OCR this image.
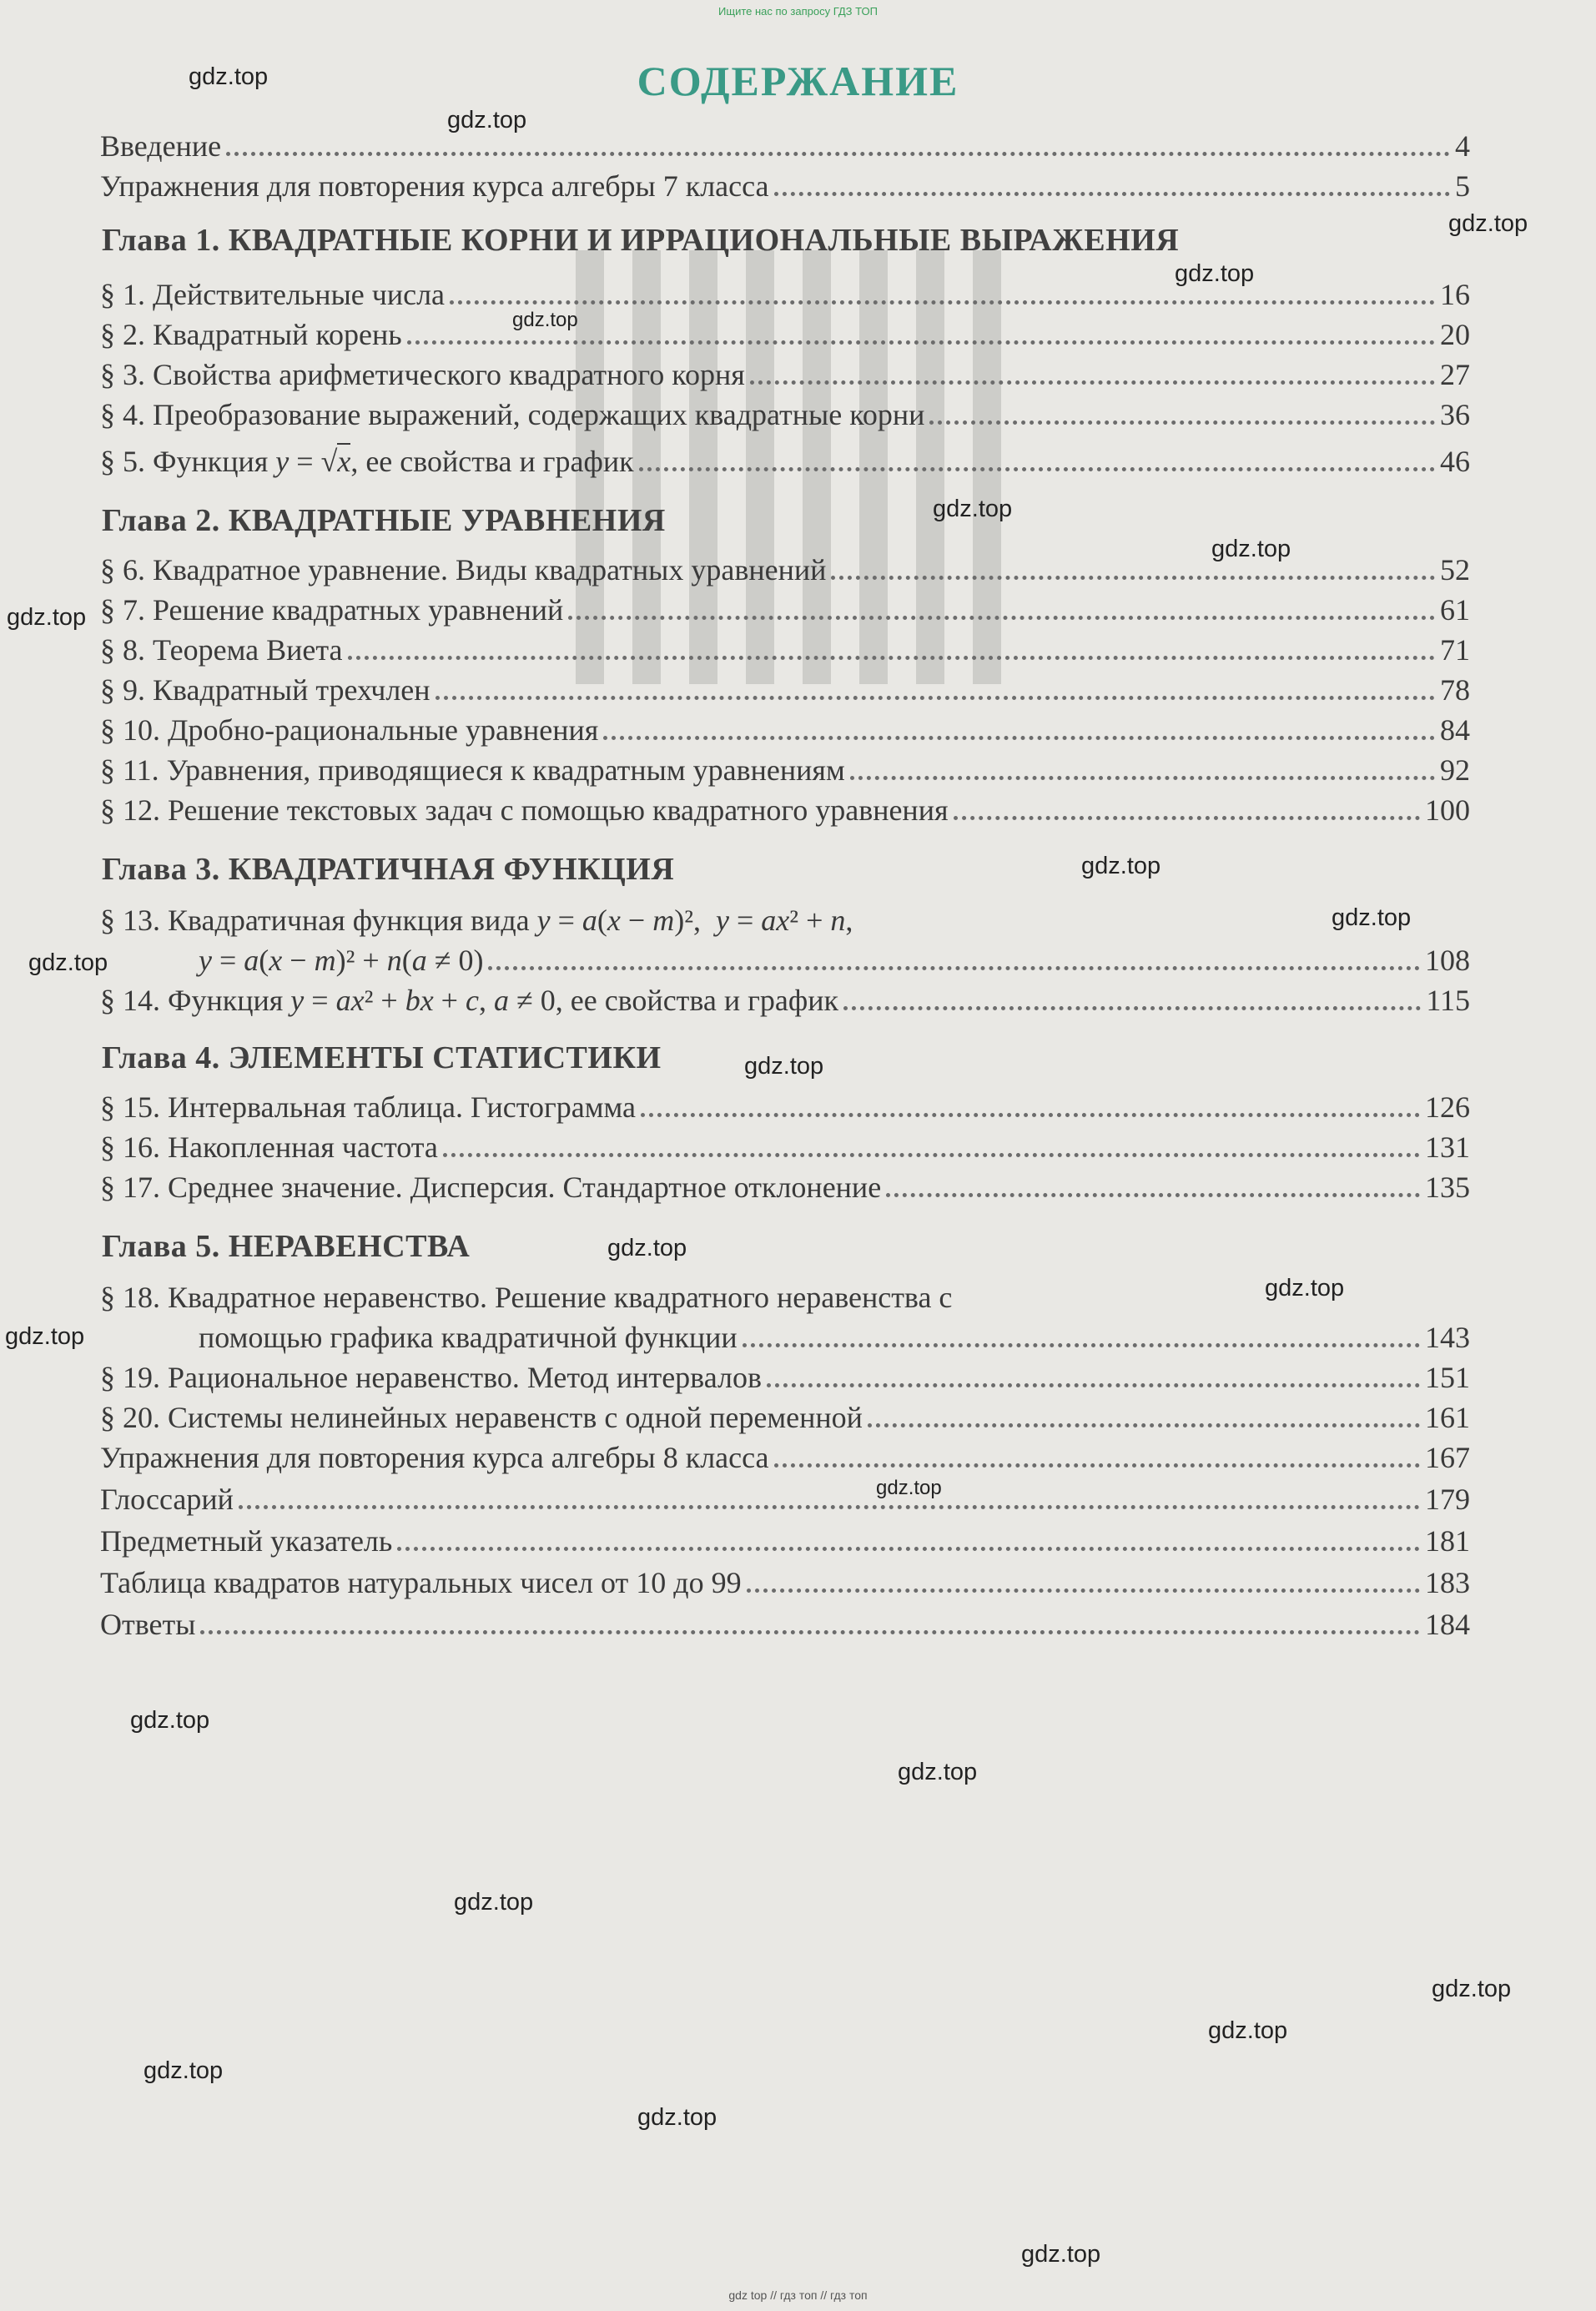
Ищите нас по запросу ГДЗ ТОП
СОДЕРЖАНИЕ
Введение	4
Упражнения для повторения курса алгебры 7 класса	5
Глава 1. КВАДРАТНЫЕ КОРНИ И ИРРАЦИОНАЛЬНЫЕ ВЫРАЖЕНИЯ
§ 1. Действительные числа	16
§ 2. Квадратный корень	20
§ 3. Свойства арифметического квадратного корня	27
§ 4. Преобразование выражений, содержащих квадратные корни	36
§ 5. Функция y = √x, ее свойства и график	46
Глава 2. КВАДРАТНЫЕ УРАВНЕНИЯ
§ 6. Квадратное уравнение. Виды квадратных уравнений	52
§ 7. Решение квадратных уравнений	61
§ 8. Теорема Виета	71
§ 9. Квадратный трехчлен	78
§ 10. Дробно-рациональные уравнения	84
§ 11. Уравнения, приводящиеся к квадратным уравнениям	92
§ 12. Решение текстовых задач с помощью квадратного уравнения	100
Глава 3. КВАДРАТИЧНАЯ ФУНКЦИЯ
§ 13. Квадратичная функция вида y = a(x − m)²,  y = ax² + n,
y = a(x − m)² + n(a ≠ 0)	108
§ 14. Функция y = ax² + bx + c, a ≠ 0, ее свойства и график	115
Глава 4. ЭЛЕМЕНТЫ СТАТИСТИКИ
§ 15. Интервальная таблица. Гистограмма	126
§ 16. Накопленная частота	131
§ 17. Среднее значение. Дисперсия. Стандартное отклонение	135
Глава 5. НЕРАВЕНСТВА
§ 18. Квадратное неравенство. Решение квадратного неравенства с
помощью графика квадратичной функции	143
§ 19. Рациональное неравенство. Метод интервалов	151
§ 20. Системы нелинейных неравенств с одной переменной	161
Упражнения для повторения курса алгебры 8 класса	167
Глоссарий	179
Предметный указатель	181
Таблица квадратов натуральных чисел от 10 до 99	183
Ответы	184
gdz.top
gdz.top
gdz.top
gdz.top
gdz.top
gdz.top
gdz.top
gdz.top
gdz.top
gdz.top
gdz.top
gdz.top
gdz.top
gdz.top
gdz.top
gdz.top
gdz.top
gdz.top
gdz.top
gdz.top
gdz.top
gdz.top
gdz.top
gdz.top
gdz top // гдз топ // гдз топ
